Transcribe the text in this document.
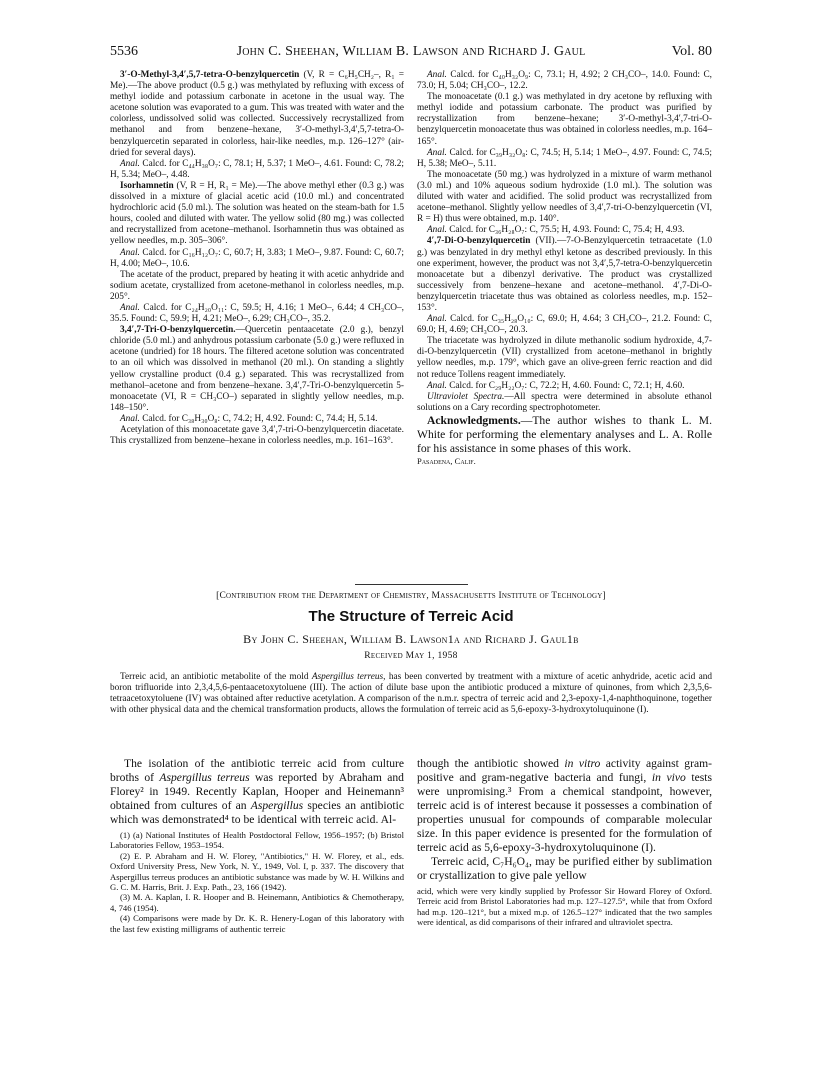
5536	John C. Sheehan, William B. Lawson and Richard J. Gaul	Vol. 80

3′-O-Methyl-3,4′,5,7-tetra-O-benzylquercetin (V, R = C₆H₅CH₂–, R₁ = Me).—The above product (0.5 g.) was methylated by refluxing with excess of methyl iodide and potassium carbonate in acetone in the usual way. The acetone solution was evaporated to a gum. This was treated with water and the colorless, undissolved solid was collected. Successively recrystallized from methanol and from benzene–hexane, 3′-O-methyl-3,4′,5,7-tetra-O-benzylquercetin separated in colorless, hair-like needles, m.p. 126–127° (air-dried for several days).

Anal. Calcd. for C₄₄H₃₈O₇: C, 78.1; H, 5.37; 1 MeO–, 4.61. Found: C, 78.2; H, 5.34; MeO–, 4.48.

Isorhamnetin (V, R = H, R₁ = Me).—The above methyl ether (0.3 g.) was dissolved in a mixture of glacial acetic acid (10.0 ml.) and concentrated hydrochloric acid (5.0 ml.). The solution was heated on the steam-bath for 1.5 hours, cooled and diluted with water. The yellow solid (80 mg.) was collected and recrystallized from acetone–methanol. Isorhamnetin thus was obtained as yellow needles, m.p. 305–306°.

Anal. Calcd. for C₁₆H₁₂O₇: C, 60.7; H, 3.83; 1 MeO–, 9.87. Found: C, 60.7; H, 4.00; MeO–, 10.6.

The acetate of the product, prepared by heating it with acetic anhydride and sodium acetate, crystallized from acetone-methanol in colorless needles, m.p. 205°.

Anal. Calcd. for C₂₄H₂₀O₁₁: C, 59.5; H, 4.16; 1 MeO–, 6.44; 4 CH₃CO–, 35.5. Found: C, 59.9; H, 4.21; MeO–, 6.29; CH₃CO–, 35.2.

3,4′,7-Tri-O-benzylquercetin.—Quercetin pentaacetate (2.0 g.), benzyl chloride (5.0 ml.) and anhydrous potassium carbonate (5.0 g.) were refluxed in acetone (undried) for 18 hours. The filtered acetone solution was concentrated to an oil which was dissolved in methanol (20 ml.). On standing a slightly yellow crystalline product (0.4 g.) separated. This was recrystallized from methanol–acetone and from benzene–hexane. 3,4′,7-Tri-O-benzylquercetin 5-monoacetate (VI, R = CH₃CO–) separated in slightly yellow needles, m.p. 148–150°.

Anal. Calcd. for C₃₈H₃₀O₈: C, 74.2; H, 4.92. Found: C, 74.4; H, 5.14.

Acetylation of this monoacetate gave 3,4′,7-tri-O-benzylquercetin diacetate. This crystallized from benzene–hexane in colorless needles, m.p. 161–163°.

Anal. Calcd. for C₄₀H₃₂O₉: C, 73.1; H, 4.92; 2 CH₃CO–, 14.0. Found: C, 73.0; H, 5.04; CH₃CO–, 12.2.

The monoacetate (0.1 g.) was methylated in dry acetone by refluxing with methyl iodide and potassium carbonate. The product was purified by recrystallization from benzene–hexane; 3′-O-methyl-3,4′,7-tri-O-benzylquercetin monoacetate thus was obtained in colorless needles, m.p. 164–165°.

Anal. Calcd. for C₃₉H₃₂O₈: C, 74.5; H, 5.14; 1 MeO–, 4.97. Found: C, 74.5; H, 5.38; MeO–, 5.11.

The monoacetate (50 mg.) was hydrolyzed in a mixture of warm methanol (3.0 ml.) and 10% aqueous sodium hydroxide (1.0 ml.). The solution was diluted with water and acidified. The solid product was recrystallized from acetone–methanol. Slightly yellow needles of 3,4′,7-tri-O-benzylquercetin (VI, R = H) thus were obtained, m.p. 140°.

Anal. Calcd. for C₃₆H₂₈O₇: C, 75.5; H, 4.93. Found: C, 75.4; H, 4.93.

4′,7-Di-O-benzylquercetin (VII).—7-O-Benzylquercetin tetraacetate (1.0 g.) was benzylated in dry methyl ethyl ketone as described previously. In this one experiment, however, the product was not 3,4′,5,7-tetra-O-benzylquercetin monoacetate but a dibenzyl derivative. The product was crystallized successively from benzene–hexane and acetone–methanol. 4′,7-Di-O-benzylquercetin triacetate thus was obtained as colorless needles, m.p. 152–153°.

Anal. Calcd. for C₃₅H₂₈O₁₀: C, 69.0; H, 4.64; 3 CH₃CO–, 21.2. Found: C, 69.0; H, 4.69; CH₃CO–, 20.3.

The triacetate was hydrolyzed in dilute methanolic sodium hydroxide, 4,7-di-O-benzylquercetin (VII) crystallized from acetone–methanol in brightly yellow needles, m.p. 179°, which gave an olive-green ferric reaction and did not reduce Tollens reagent immediately.

Anal. Calcd. for C₂₉H₂₂O₇: C, 72.2; H, 4.60. Found: C, 72.1; H, 4.60.

Ultraviolet Spectra.—All spectra were determined in absolute ethanol solutions on a Cary recording spectrophotometer.

Acknowledgments.—The author wishes to thank L. M. White for performing the elementary analyses and L. A. Rolle for his assistance in some phases of this work.

Pasadena, Calif.

[Contribution from the Department of Chemistry, Massachusetts Institute of Technology]
The Structure of Terreic Acid
By John C. Sheehan, William B. Lawson1a and Richard J. Gaul1b
Received May 1, 1958
Terreic acid, an antibiotic metabolite of the mold Aspergillus terreus, has been converted by treatment with a mixture of acetic anhydride, acetic acid and boron trifluoride into 2,3,4,5,6-pentaacetoxytoluene (III). The action of dilute base upon the antibiotic produced a mixture of quinones, from which 2,3,5,6-tetraacetoxytoluene (IV) was obtained after reductive acetylation. A comparison of the n.m.r. spectra of terreic acid and 2,3-epoxy-1,4-naphthoquinone, together with other physical data and the chemical transformation products, allows the formulation of terreic acid as 5,6-epoxy-3-hydroxytoluquinone (I).

The isolation of the antibiotic terreic acid from culture broths of Aspergillus terreus was reported by Abraham and Florey² in 1949. Recently Kaplan, Hooper and Heinemann³ obtained from cultures of an Aspergillus species an antibiotic which was demonstrated⁴ to be identical with terreic acid. Al-

(1) (a) National Institutes of Health Postdoctoral Fellow, 1956–1957; (b) Bristol Laboratories Fellow, 1953–1954.

(2) E. P. Abraham and H. W. Florey, "Antibiotics," H. W. Florey, et al., eds. Oxford University Press, New York, N. Y., 1949, Vol. I, p. 337. The discovery that Aspergillus terreus produces an antibiotic substance was made by W. H. Wilkins and G. C. M. Harris, Brit. J. Exp. Path., 23, 166 (1942).

(3) M. A. Kaplan, I. R. Hooper and B. Heinemann, Antibiotics & Chemotherapy, 4, 746 (1954).

(4) Comparisons were made by Dr. K. R. Henery-Logan of this laboratory with the last few existing milligrams of authentic terreic

though the antibiotic showed in vitro activity against gram-positive and gram-negative bacteria and fungi, in vivo tests were unpromising.³ From a chemical standpoint, however, terreic acid is of interest because it possesses a combination of properties unusual for compounds of comparable molecular size. In this paper evidence is presented for the formulation of terreic acid as 5,6-epoxy-3-hydroxytoluquinone (I).

Terreic acid, C₇H₆O₄, may be purified either by sublimation or crystallization to give pale yellow

acid, which were very kindly supplied by Professor Sir Howard Florey of Oxford. Terreic acid from Bristol Laboratories had m.p. 127–127.5°, while that from Oxford had m.p. 120–121°, but a mixed m.p. of 126.5–127° indicated that the two samples were identical, as did comparisons of their infrared and ultraviolet spectra.
